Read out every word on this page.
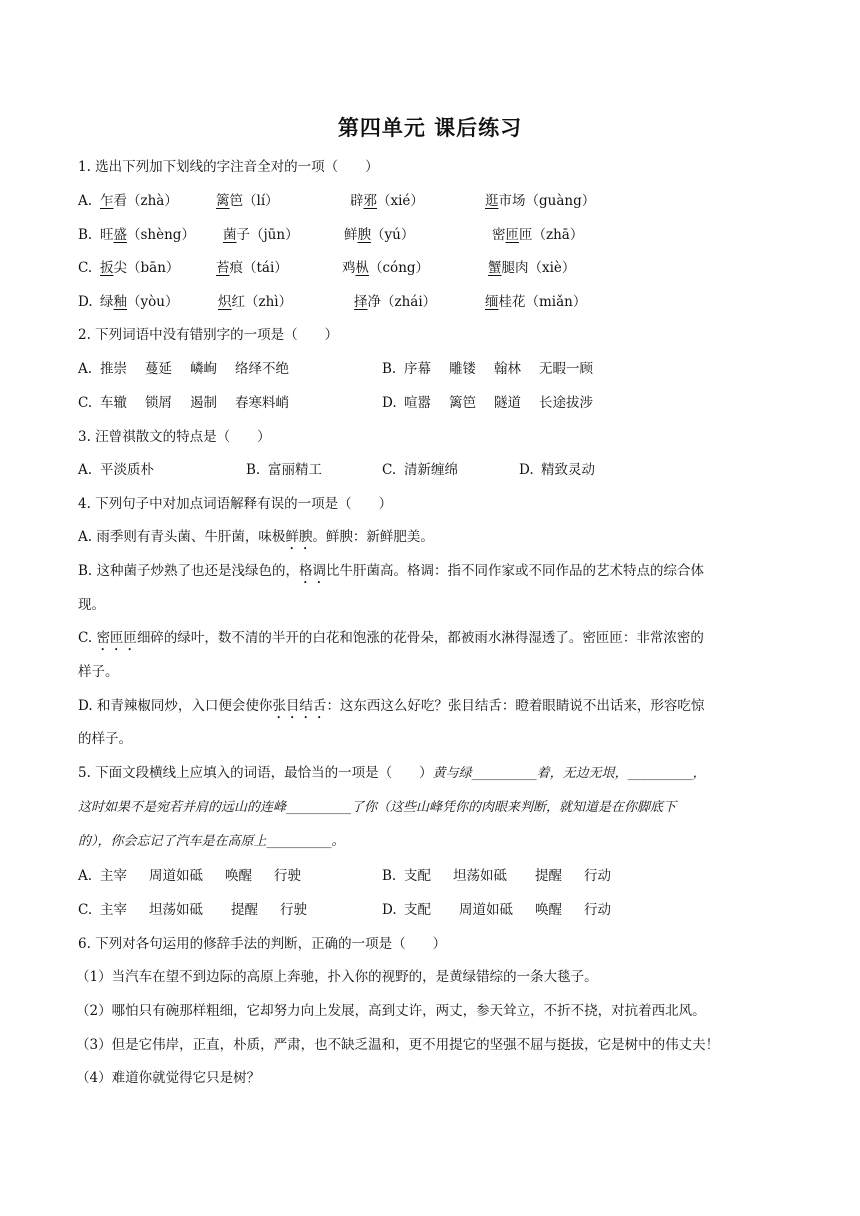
第四单元 课后练习
1. 选出下列加下划线的字注音全对的一项（　　）
A. 乍看（zhà）	篱笆（lí）	辟邪（xié）	逛市场（guàng）
B. 旺盛（shèng） 菌子（jūn）	鲜腴（yú）	密匝匝（zhā）
C. 扳尖（bān）	苔痕（tái）	鸡枞（cóng）	蟹腿肉（xiè）
D. 绿釉（yòu）	炽红（zhì）	择净（zhái）	缅桂花（miǎn）
2. 下列词语中没有错别字的一项是（　　）
A. 推崇 蔓延 嶙峋 络绎不绝	B. 序幕 雕镂 翰林 无暇一顾
C. 车辙 锁屑 遏制 春寒料峭	D. 喧嚣 篱笆 隧道 长途拔涉
3. 汪曾祺散文的特点是（　　）
A. 平淡质朴	B. 富丽精工	C. 清新缠绵	D. 精致灵动
4. 下列句子中对加点词语解释有误的一项是（　　）
A. 雨季则有青头菌、牛肝菌，味极鲜腴。鲜腴：新鲜肥美。
B. 这种菌子炒熟了也还是浅绿色的，格调比牛肝菌高。格调：指不同作家或不同作品的艺术特点的综合体
现。
C. 密匝匝细碎的绿叶，数不清的半开的白花和饱涨的花骨朵，都被雨水淋得湿透了。密匝匝：非常浓密的
样子。
D. 和青辣椒同炒，入口便会使你张目结舌：这东西这么好吃？张目结舌：瞪着眼睛说不出话来，形容吃惊
的样子。
5. 下面文段横线上应填入的词语，最恰当的一项是（　　）黄与绿__________着，无边无垠，__________，
这时如果不是宛若并肩的远山的连峰__________了你（这些山峰凭你的肉眼来判断，就知道是在你脚底下
的），你会忘记了汽车是在高原上__________。
A. 主宰 周道如砥 唤醒 行驶	B. 支配 坦荡如砥 提醒 行动
C. 主宰 坦荡如砥 提醒 行驶	D. 支配 周道如砥 唤醒 行动
6. 下列对各句运用的修辞手法的判断，正确的一项是（　　）
（1）当汽车在望不到边际的高原上奔驰，扑入你的视野的，是黄绿错综的一条大毯子。
（2）哪怕只有碗那样粗细，它却努力向上发展，高到丈许，两丈，参天耸立，不折不挠，对抗着西北风。
（3）但是它伟岸，正直，朴质，严肃，也不缺乏温和，更不用提它的坚强不屈与挺拔，它是树中的伟丈夫！
（4）难道你就觉得它只是树？
